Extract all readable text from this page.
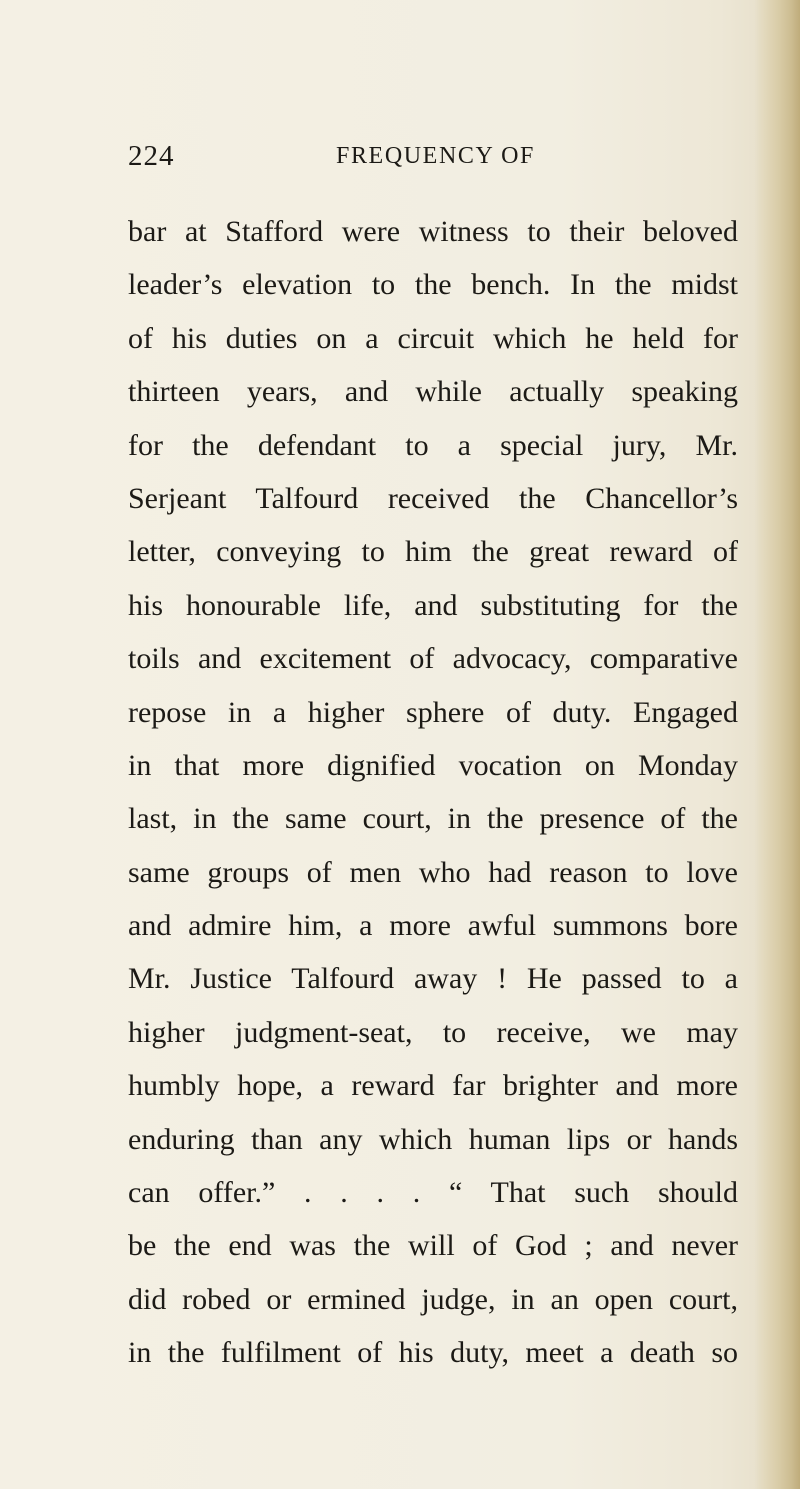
224	FREQUENCY OF
bar at Stafford were witness to their beloved
leader’s elevation to the bench. In the midst
of his duties on a circuit which he held for
thirteen years, and while actually speaking
for the defendant to a special jury, Mr.
Serjeant Talfourd received the Chancellor’s
letter, conveying to him the great reward of
his honourable life, and substituting for the
toils and excitement of advocacy, comparative
repose in a higher sphere of duty. Engaged
in that more dignified vocation on Monday
last, in the same court, in the presence of the
same groups of men who had reason to love
and admire him, a more awful summons bore
Mr. Justice Talfourd away ! He passed to a
higher judgment-seat, to receive, we may
humbly hope, a reward far brighter and more
enduring than any which human lips or hands
can offer.” . . . . “ That such should
be the end was the will of God ; and never
did robed or ermined judge, in an open court,
in the fulfilment of his duty, meet a death so
